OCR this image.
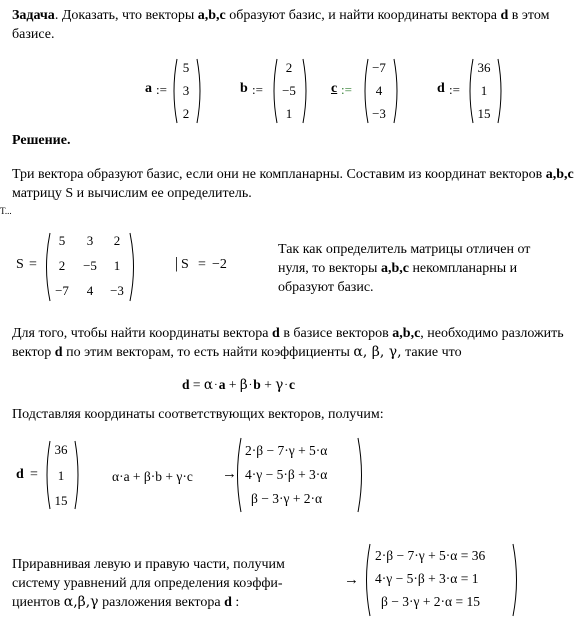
Задача. Доказать, что векторы a,b,c образуют базис, и найти координаты вектора d в этом базисе.
a :=
5
3
2
b :=
2
−5
1
c :=
−7
4
−3
d :=
36
1
15
Решение.
Три вектора образуют базис, если они не компланарны. Составим из координат векторов a,b,c матрицу S и вычислим ее определитель.
T...
S =
5	3	2
2	−5	1
−7	4	−3
| S = −2
Так как определитель матрицы отличен от нуля, то векторы a,b,c некомпланарны и образуют базис.
Для того, чтобы найти координаты вектора d в базисе векторов a,b,c, необходимо разложить вектор d по этим векторам, то есть найти коэффициенты α, β, γ, такие что
d = α·a + β·b + γ·c
Подставляя координаты соответствующих векторов, получим:
d =
36
1
15
α·a + β·b + γ·c →
2·β − 7·γ + 5·α
4·γ − 5·β + 3·α
β − 3·γ + 2·α
Приравнивая левую и правую части, получим
систему уравнений для определения коэффи-
циентов α,β,γ разложения вектора d :
→
2·β − 7·γ + 5·α = 36
4·γ − 5·β + 3·α = 1
β − 3·γ + 2·α = 15
